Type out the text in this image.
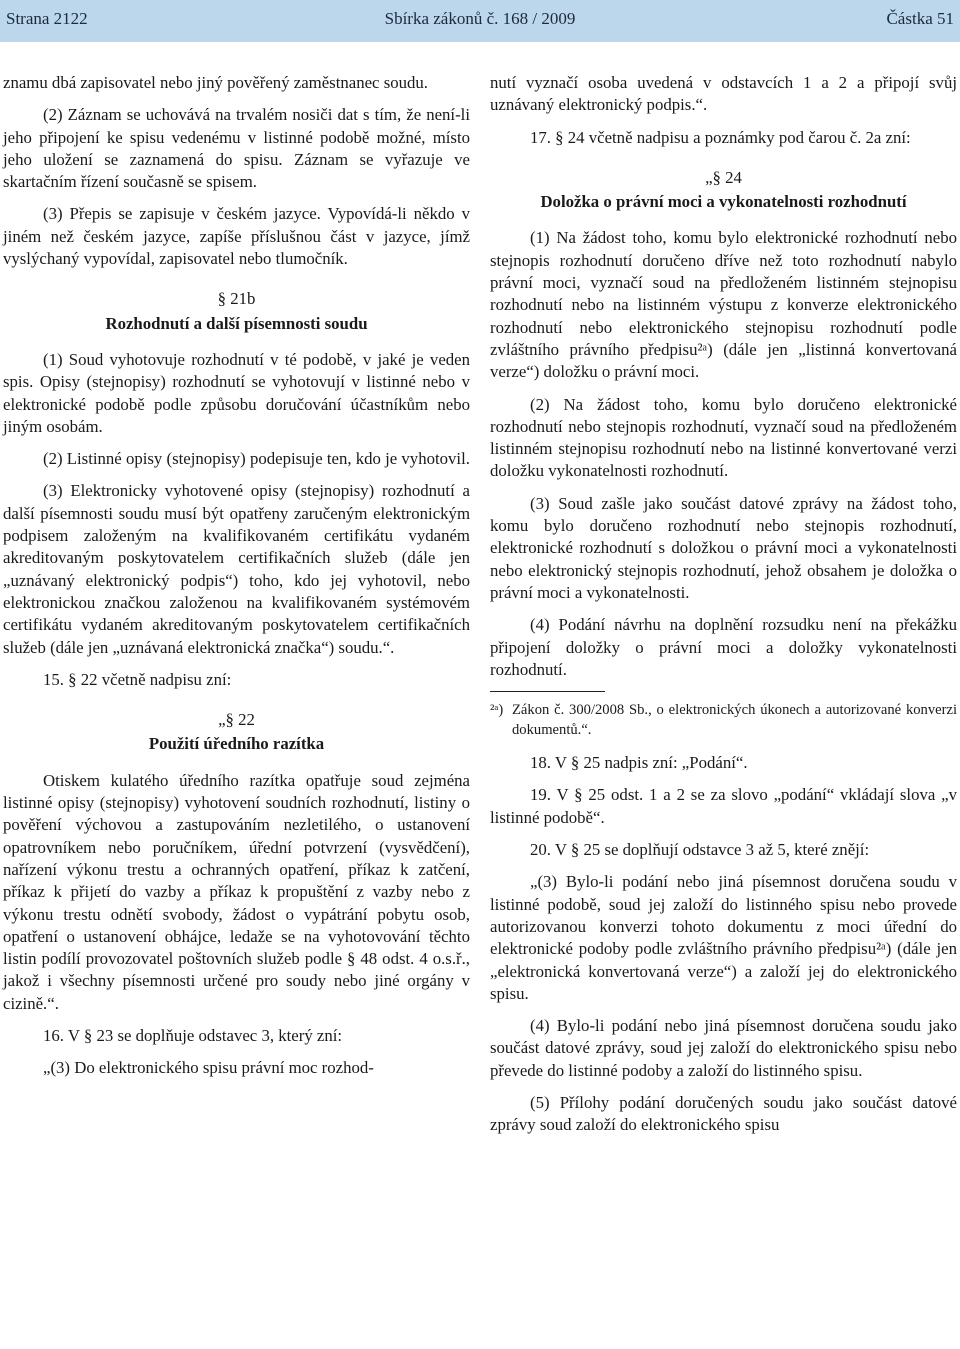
Strana 2122	Sbírka zákonů č. 168 / 2009	Částka 51

znamu dbá zapisovatel nebo jiný pověřený zaměstnanec soudu.

(2) Záznam se uchovává na trvalém nosiči dat s tím, že není-li jeho připojení ke spisu vedenému v listinné podobě možné, místo jeho uložení se zaznamená do spisu. Záznam se vyřazuje ve skartačním řízení současně se spisem.

(3) Přepis se zapisuje v českém jazyce. Vypovídá-li někdo v jiném než českém jazyce, zapíše příslušnou část v jazyce, jímž vyslýchaný vypovídal, zapisovatel nebo tlumočník.

§ 21b

Rozhodnutí a další písemnosti soudu

(1) Soud vyhotovuje rozhodnutí v té podobě, v jaké je veden spis. Opisy (stejnopisy) rozhodnutí se vyhotovují v listinné nebo v elektronické podobě podle způsobu doručování účastníkům nebo jiným osobám.

(2) Listinné opisy (stejnopisy) podepisuje ten, kdo je vyhotovil.

(3) Elektronicky vyhotovené opisy (stejnopisy) rozhodnutí a další písemnosti soudu musí být opatřeny zaručeným elektronickým podpisem založeným na kvalifikovaném certifikátu vydaném akreditovaným poskytovatelem certifikačních služeb (dále jen „uznávaný elektronický podpis“) toho, kdo jej vyhotovil, nebo elektronickou značkou založenou na kvalifikovaném systémovém certifikátu vydaném akreditovaným poskytovatelem certifikačních služeb (dále jen „uznávaná elektronická značka“) soudu.“.

15. § 22 včetně nadpisu zní:

„§ 22

Použití úředního razítka

Otiskem kulatého úředního razítka opatřuje soud zejména listinné opisy (stejnopisy) vyhotovení soudních rozhodnutí, listiny o pověření výchovou a zastupováním nezletilého, o ustanovení opatrovníkem nebo poručníkem, úřední potvrzení (vysvědčení), nařízení výkonu trestu a ochranných opatření, příkaz k zatčení, příkaz k přijetí do vazby a příkaz k propuštění z vazby nebo z výkonu trestu odnětí svobody, žádost o vypátrání pobytu osob, opatření o ustanovení obhájce, ledaže se na vyhotovování těchto listin podílí provozovatel poštovních služeb podle § 48 odst. 4 o.s.ř., jakož i všechny písemnosti určené pro soudy nebo jiné orgány v cizině.“.

16. V § 23 se doplňuje odstavec 3, který zní:

„(3) Do elektronického spisu právní moc rozhod-

nutí vyznačí osoba uvedená v odstavcích 1 a 2 a připojí svůj uznávaný elektronický podpis.“.

17. § 24 včetně nadpisu a poznámky pod čarou č. 2a zní:

„§ 24

Doložka o právní moci a vykonatelnosti rozhodnutí

(1) Na žádost toho, komu bylo elektronické rozhodnutí nebo stejnopis rozhodnutí doručeno dříve než toto rozhodnutí nabylo právní moci, vyznačí soud na předloženém listinném stejnopisu rozhodnutí nebo na listinném výstupu z konverze elektronického rozhodnutí nebo elektronického stejnopisu rozhodnutí podle zvláštního právního předpisu²ᵃ) (dále jen „listinná konvertovaná verze“) doložku o právní moci.

(2) Na žádost toho, komu bylo doručeno elektronické rozhodnutí nebo stejnopis rozhodnutí, vyznačí soud na předloženém listinném stejnopisu rozhodnutí nebo na listinné konvertované verzi doložku vykonatelnosti rozhodnutí.

(3) Soud zašle jako součást datové zprávy na žádost toho, komu bylo doručeno rozhodnutí nebo stejnopis rozhodnutí, elektronické rozhodnutí s doložkou o právní moci a vykonatelnosti nebo elektronický stejnopis rozhodnutí, jehož obsahem je doložka o právní moci a vykonatelnosti.

(4) Podání návrhu na doplnění rozsudku není na překážku připojení doložky o právní moci a doložky vykonatelnosti rozhodnutí.

²ᵃ) Zákon č. 300/2008 Sb., o elektronických úkonech a autorizované konverzi dokumentů.“.

18. V § 25 nadpis zní: „Podání“.

19. V § 25 odst. 1 a 2 se za slovo „podání“ vkládají slova „v listinné podobě“.

20. V § 25 se doplňují odstavce 3 až 5, které znějí:

„(3) Bylo-li podání nebo jiná písemnost doručena soudu v listinné podobě, soud jej založí do listinného spisu nebo provede autorizovanou konverzi tohoto dokumentu z moci úřední do elektronické podoby podle zvláštního právního předpisu²ᵃ) (dále jen „elektronická konvertovaná verze“) a založí jej do elektronického spisu.

(4) Bylo-li podání nebo jiná písemnost doručena soudu jako součást datové zprávy, soud jej založí do elektronického spisu nebo převede do listinné podoby a založí do listinného spisu.

(5) Přílohy podání doručených soudu jako součást datové zprávy soud založí do elektronického spisu
